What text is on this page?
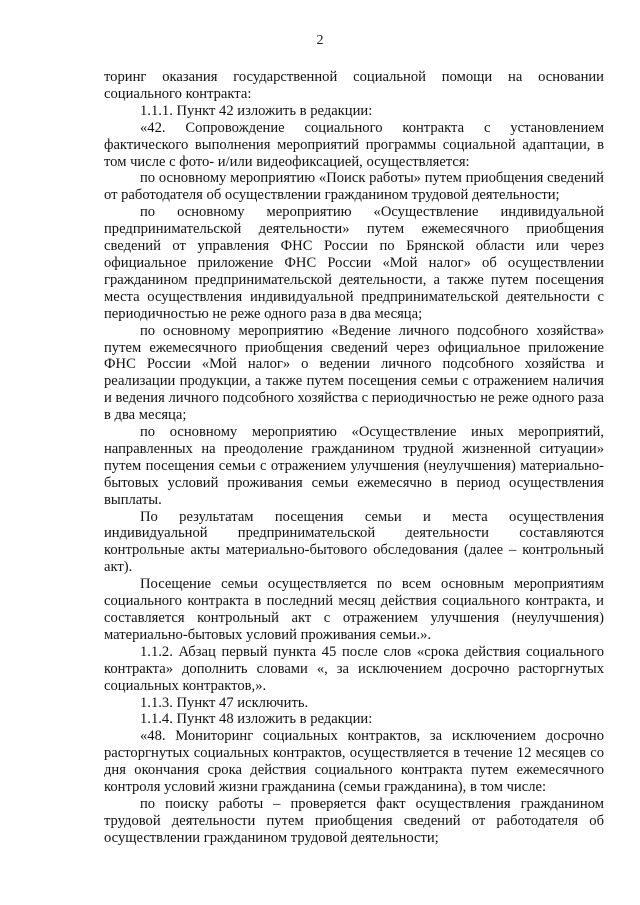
2

торинг оказания государственной социальной помощи на основании социального контракта:

1.1.1. Пункт 42 изложить в редакции:

«42. Сопровождение социального контракта с установлением фактического выполнения мероприятий программы социальной адаптации, в том числе с фото- и/или видеофиксацией, осуществляется:

по основному мероприятию «Поиск работы» путем приобщения сведений от работодателя об осуществлении гражданином трудовой деятельности;

по основному мероприятию «Осуществление индивидуальной предпринимательской деятельности» путем ежемесячного приобщения сведений от управления ФНС России по Брянской области или через официальное приложение ФНС России «Мой налог» об осуществлении гражданином предпринимательской деятельности, а также путем посещения места осуществления индивидуальной предпринимательской деятельности с периодичностью не реже одного раза в два месяца;

по основному мероприятию «Ведение личного подсобного хозяйства» путем ежемесячного приобщения сведений через официальное приложение ФНС России «Мой налог» о ведении личного подсобного хозяйства и реализации продукции, а также путем посещения семьи с отражением наличия и ведения личного подсобного хозяйства с периодичностью не реже одного раза в два месяца;

по основному мероприятию «Осуществление иных мероприятий, направленных на преодоление гражданином трудной жизненной ситуации» путем посещения семьи с отражением улучшения (неулучшения) материально-бытовых условий проживания семьи ежемесячно в период осуществления выплаты.

По результатам посещения семьи и места осуществления индивидуальной предпринимательской деятельности составляются контрольные акты материально-бытового обследования (далее – контрольный акт).

Посещение семьи осуществляется по всем основным мероприятиям социального контракта в последний месяц действия социального контракта, и составляется контрольный акт с отражением улучшения (неулучшения) материально-бытовых условий проживания семьи.».

1.1.2. Абзац первый пункта 45 после слов «срока действия социального контракта» дополнить словами «, за исключением досрочно расторгнутых социальных контрактов,».

1.1.3. Пункт 47 исключить.

1.1.4. Пункт 48 изложить в редакции:

«48. Мониторинг социальных контрактов, за исключением досрочно расторгнутых социальных контрактов, осуществляется в течение 12 месяцев со дня окончания срока действия социального контракта путем ежемесячного контроля условий жизни гражданина (семьи гражданина), в том числе:

по поиску работы – проверяется факт осуществления гражданином трудовой деятельности путем приобщения сведений от работодателя об осуществлении гражданином трудовой деятельности;
